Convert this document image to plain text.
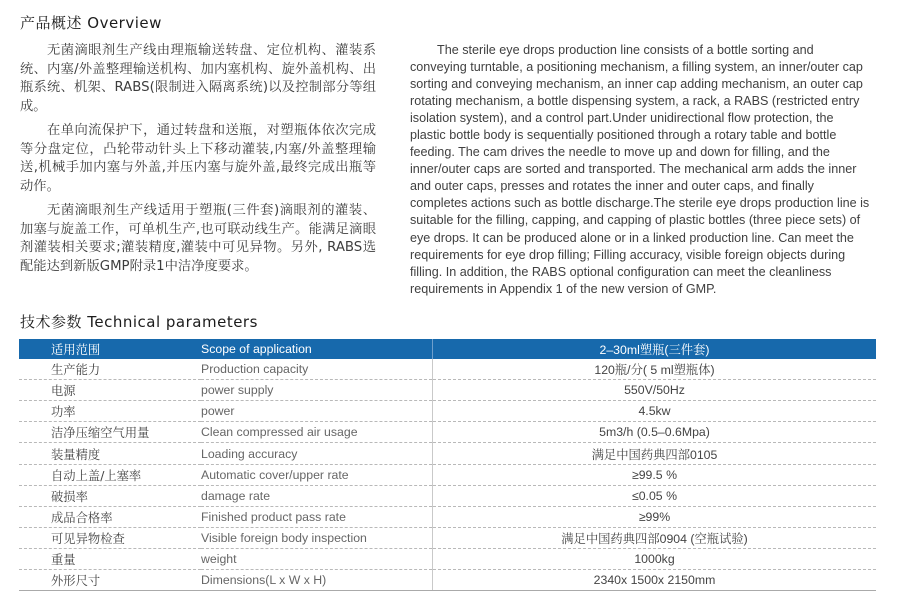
产品概述 Overview

无菌滴眼剂生产线由理瓶输送转盘、定位机构、灌装系统、内塞/外盖整理输送机构、加内塞机构、旋外盖机构、出瓶系统、机架、RABS(限制进入隔离系统)以及控制部分等组成。

在单向流保护下，通过转盘和送瓶，对塑瓶体依次完成等分盘定位，凸轮带动针头上下移动灌装,内塞/外盖整理输送,机械手加内塞与外盖,并压内塞与旋外盖,最终完成出瓶等动作。

无菌滴眼剂生产线适用于塑瓶(三件套)滴眼剂的灌装、加塞与旋盖工作，可单机生产,也可联动线生产。能满足滴眼剂灌装相关要求;灌装精度,灌装中可见异物。另外, RABS选配能达到新版GMP附录1中洁净度要求。

The sterile eye drops production line consists of a bottle sorting and conveying turntable, a positioning mechanism, a filling system, an inner/outer cap sorting and conveying mechanism, an inner cap adding mechanism, an outer cap rotating mechanism, a bottle dispensing system, a rack, a RABS (restricted entry isolation system), and a control part.Under unidirectional flow protection, the plastic bottle body is sequentially positioned through a rotary table and bottle feeding. The cam drives the needle to move up and down for filling, and the inner/outer caps are sorted and transported. The mechanical arm adds the inner and outer caps, presses and rotates the inner and outer caps, and finally completes actions such as bottle discharge.The sterile eye drops production line is suitable for the filling, capping, and capping of plastic bottles (three piece sets) of eye drops. It can be produced alone or in a linked production line. Can meet the requirements for eye drop filling; Filling accuracy, visible foreign objects during filling. In addition, the RABS optional configuration can meet the cleanliness requirements in Appendix 1 of the new version of GMP.

技术参数 Technical parameters
适用范围	Scope of application	2–30ml塑瓶(三件套)
生产能力	Production capacity	120瓶/分( 5 ml塑瓶体)
电源	power supply	550V/50Hz
功率	power	4.5kw
洁净压缩空气用量	Clean compressed air usage	5m3/h (0.5–0.6Mpa)
装量精度	Loading accuracy	满足中国药典四部0105
自动上盖/上塞率	Automatic cover/upper rate	≥99.5 %
破损率	damage rate	≤0.05 %
成品合格率	Finished product pass rate	≥99%
可见异物检查	Visible foreign body inspection	满足中国药典四部0904 (空瓶试验)
重量	weight	1000kg
外形尺寸	Dimensions(L x W x H)	2340x 1500x 2150mm
